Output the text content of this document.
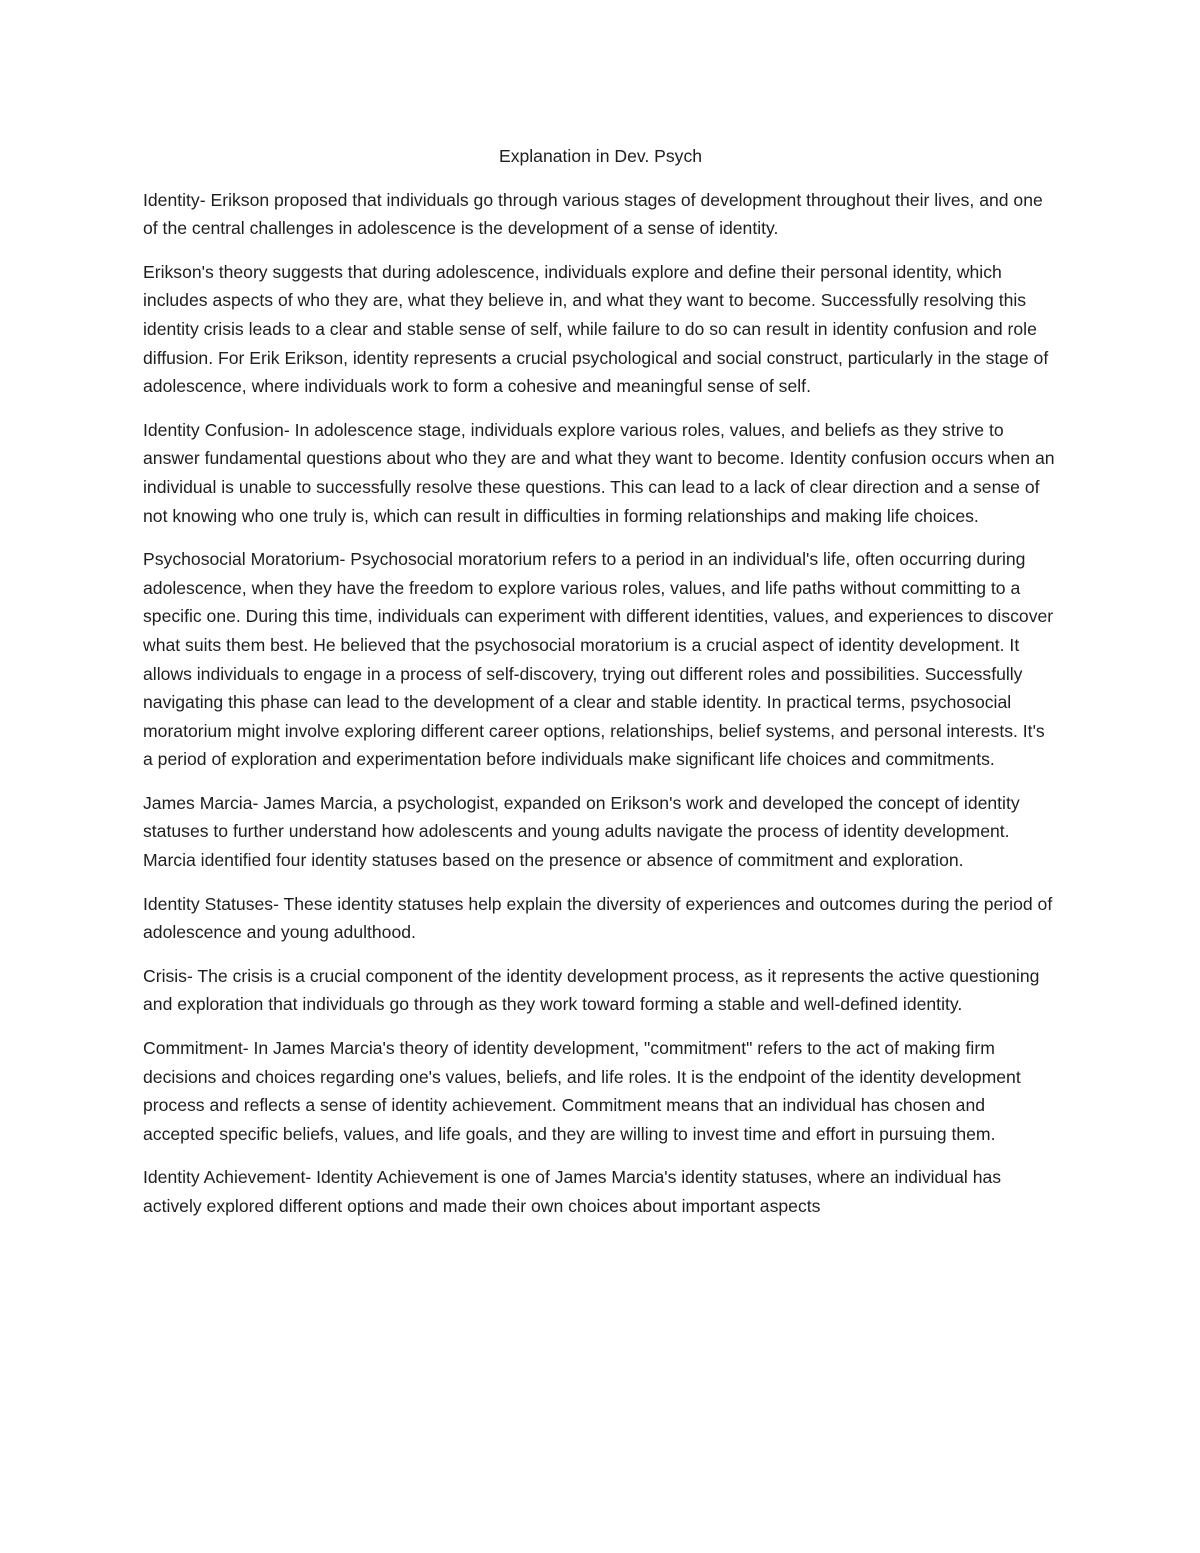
Explanation in Dev. Psych

Identity- Erikson proposed that individuals go through various stages of development throughout their lives, and one of the central challenges in adolescence is the development of a sense of identity.

Erikson's theory suggests that during adolescence, individuals explore and define their personal identity, which includes aspects of who they are, what they believe in, and what they want to become. Successfully resolving this identity crisis leads to a clear and stable sense of self, while failure to do so can result in identity confusion and role diffusion. For Erik Erikson, identity represents a crucial psychological and social construct, particularly in the stage of adolescence, where individuals work to form a cohesive and meaningful sense of self.

Identity Confusion- In adolescence stage, individuals explore various roles, values, and beliefs as they strive to answer fundamental questions about who they are and what they want to become. Identity confusion occurs when an individual is unable to successfully resolve these questions. This can lead to a lack of clear direction and a sense of not knowing who one truly is, which can result in difficulties in forming relationships and making life choices.

Psychosocial Moratorium- Psychosocial moratorium refers to a period in an individual's life, often occurring during adolescence, when they have the freedom to explore various roles, values, and life paths without committing to a specific one. During this time, individuals can experiment with different identities, values, and experiences to discover what suits them best. He believed that the psychosocial moratorium is a crucial aspect of identity development. It allows individuals to engage in a process of self-discovery, trying out different roles and possibilities. Successfully navigating this phase can lead to the development of a clear and stable identity. In practical terms, psychosocial moratorium might involve exploring different career options, relationships, belief systems, and personal interests. It's a period of exploration and experimentation before individuals make significant life choices and commitments.

James Marcia- James Marcia, a psychologist, expanded on Erikson's work and developed the concept of identity statuses to further understand how adolescents and young adults navigate the process of identity development. Marcia identified four identity statuses based on the presence or absence of commitment and exploration.

Identity Statuses- These identity statuses help explain the diversity of experiences and outcomes during the period of adolescence and young adulthood.

Crisis- The crisis is a crucial component of the identity development process, as it represents the active questioning and exploration that individuals go through as they work toward forming a stable and well-defined identity.

Commitment- In James Marcia's theory of identity development, "commitment" refers to the act of making firm decisions and choices regarding one's values, beliefs, and life roles. It is the endpoint of the identity development process and reflects a sense of identity achievement. Commitment means that an individual has chosen and accepted specific beliefs, values, and life goals, and they are willing to invest time and effort in pursuing them.

Identity Achievement- Identity Achievement is one of James Marcia's identity statuses, where an individual has actively explored different options and made their own choices about important aspects
